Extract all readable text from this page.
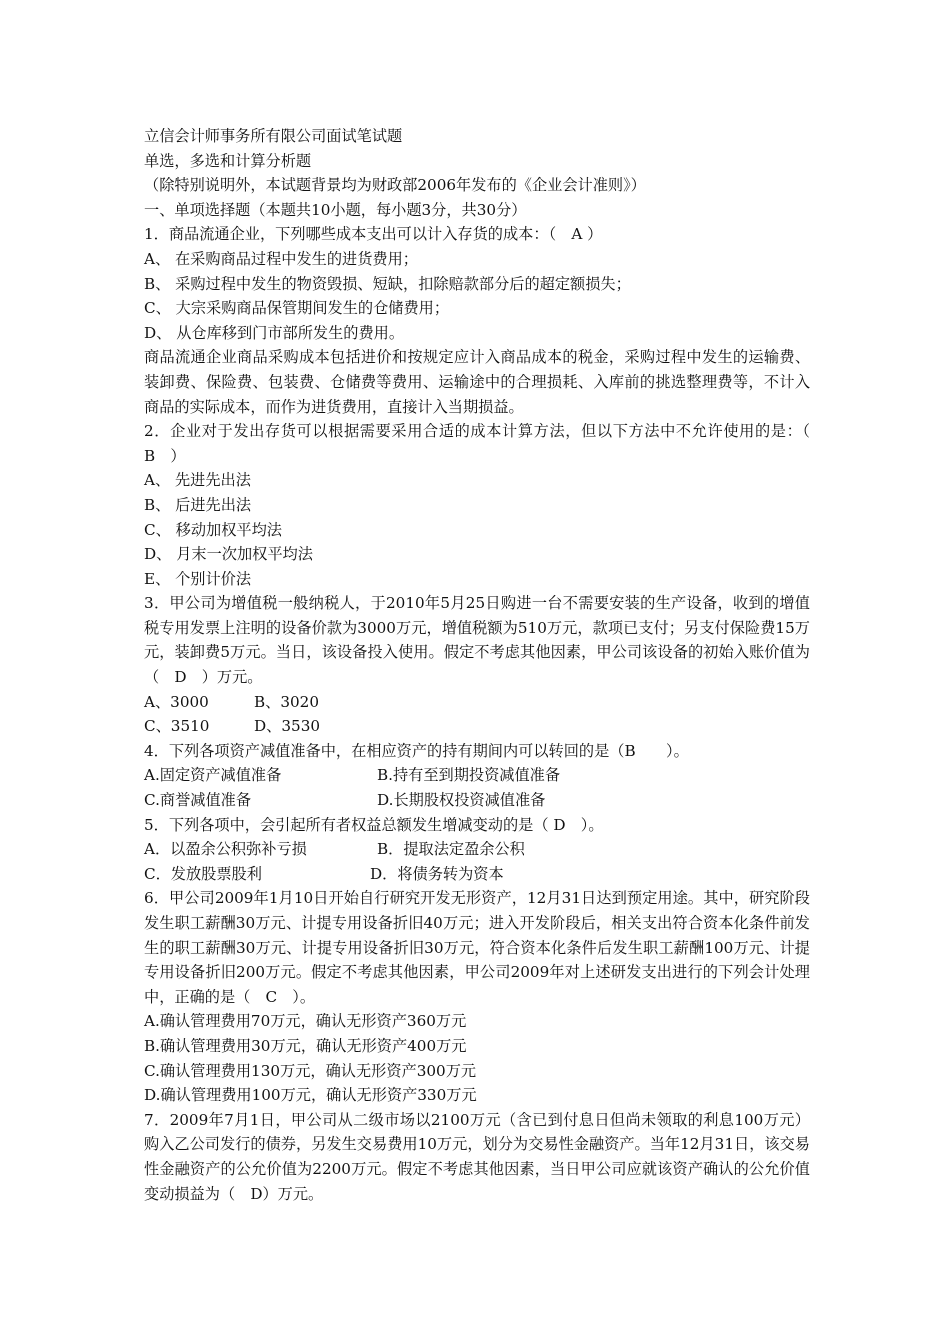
立信会计师事务所有限公司面试笔试题
单选，多选和计算分析题
（除特别说明外，本试题背景均为财政部2006年发布的《企业会计准则》）
一、单项选择题（本题共10小题，每小题3分，共30分）
1．商品流通企业，下列哪些成本支出可以计入存货的成本：（　A ）
A、 在采购商品过程中发生的进货费用；
B、 采购过程中发生的物资毁损、短缺，扣除赔款部分后的超定额损失；
C、 大宗采购商品保管期间发生的仓储费用；
D、 从仓库移到门市部所发生的费用。
商品流通企业商品采购成本包括进价和按规定应计入商品成本的税金，采购过程中发生的运输费、装卸费、保险费、包装费、仓储费等费用、运输途中的合理损耗、入库前的挑选整理费等，不计入商品的实际成本，而作为进货费用，直接计入当期损益。
2．企业对于发出存货可以根据需要采用合适的成本计算方法，但以下方法中不允许使用的是：（　B　）
A、 先进先出法
B、 后进先出法
C、 移动加权平均法
D、 月末一次加权平均法
E、 个别计价法
3．甲公司为增值税一般纳税人，于2010年5月25日购进一台不需要安装的生产设备，收到的增值税专用发票上注明的设备价款为3000万元，增值税额为510万元，款项已支付；另支付保险费15万元，装卸费5万元。当日，该设备投入使用。假定不考虑其他因素，甲公司该设备的初始入账价值为（　D　）万元。
A、3000	B、3020
C、3510	D、3530
4．下列各项资产减值准备中，在相应资产的持有期间内可以转回的是（B　　）。
A.固定资产减值准备	B.持有至到期投资减值准备
C.商誉减值准备	D.长期股权投资减值准备
5．下列各项中，会引起所有者权益总额发生增减变动的是（ D　）。
A．以盈余公积弥补亏损	B．提取法定盈余公积
C．发放股票股利	D．将债务转为资本
6．甲公司2009年1月10日开始自行研究开发无形资产，12月31日达到预定用途。其中，研究阶段发生职工薪酬30万元、计提专用设备折旧40万元；进入开发阶段后，相关支出符合资本化条件前发生的职工薪酬30万元、计提专用设备折旧30万元，符合资本化条件后发生职工薪酬100万元、计提专用设备折旧200万元。假定不考虑其他因素，甲公司2009年对上述研发支出进行的下列会计处理中，正确的是（　C　）。
A.确认管理费用70万元，确认无形资产360万元
B.确认管理费用30万元，确认无形资产400万元
C.确认管理费用130万元，确认无形资产300万元
D.确认管理费用100万元，确认无形资产330万元
7．2009年7月1日，甲公司从二级市场以2100万元（含已到付息日但尚未领取的利息100万元）购入乙公司发行的债券，另发生交易费用10万元，划分为交易性金融资产。当年12月31日，该交易性金融资产的公允价值为2200万元。假定不考虑其他因素，当日甲公司应就该资产确认的公允价值变动损益为（　D）万元。
